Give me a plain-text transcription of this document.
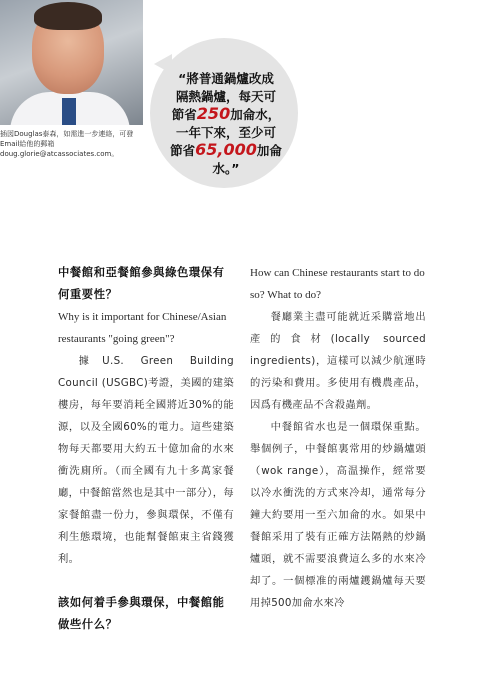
插図Douglas泰森，如需進一步連絡，可發Email給他的郵箱doug.glorie@atcassociates.com。

“將普通鍋爐改成
隔熱鍋爐，每天可
節省250加侖水，
一年下來，至少可
節省65,000加侖
水。”

中餐館和亞餐館參與綠色環保有何重要性？

Why is it important for Chinese/Asian restaurants "going green"?

據U.S. Green Building Council (USGBC)考證，美國的建築樓房，每年要消耗全國將近30%的能源，以及全國60%的電力。這些建築物每天都要用大約五十億加侖的水來衝洗廁所。（而全國有九十多萬家餐廳，中餐館當然也是其中一部分），每家餐館盡一份力，參與環保，不僅有利生態環境，也能幫餐館東主省錢獲利。

該如何着手參與環保，中餐館能做些什么？

How can Chinese restaurants start to do so? What to do?

餐廳業主盡可能就近采購當地出產的食材(locally sourced ingredients)，這樣可以減少航運時的污染和費用。多使用有機農產品，因爲有機產品不含殺蟲劑。

中餐館省水也是一個環保重點。舉個例子，中餐館裏常用的炒鍋爐頭（wok range），高温操作，經常要以冷水衝洗的方式來冷却，通常每分鐘大約要用一至六加侖的水。如果中餐館采用了裝有正確方法隔熱的炒鍋爐頭，就不需要浪費這么多的水來冷却了。一個標准的兩爐鑊鍋爐每天要用掉500加侖水來冷
